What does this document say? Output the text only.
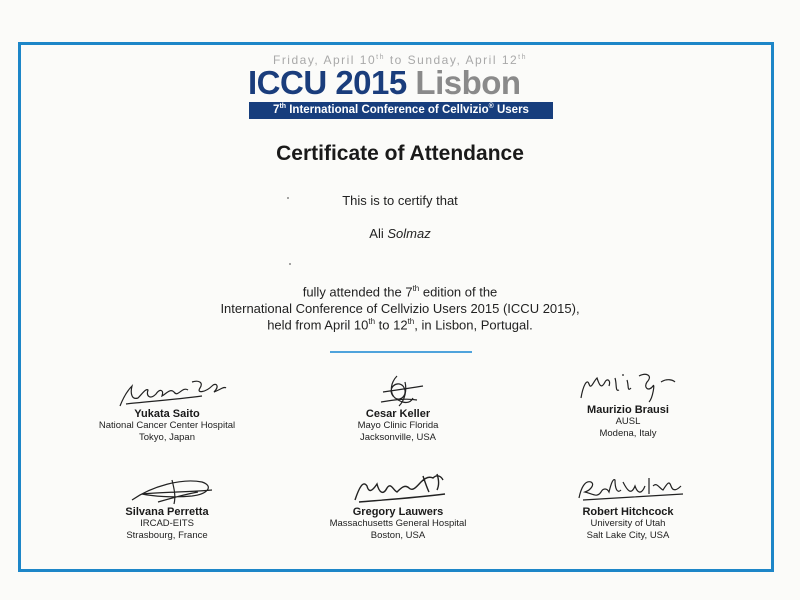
Friday, April 10th to Sunday, April 12th
ICCU 2015 Lisbon
7th International Conference of Cellvizio® Users
Certificate of Attendance
This is to certify that
Ali Solmaz
fully attended the 7th edition of the
International Conference of Cellvizio Users 2015 (ICCU 2015),
held from April 10th to 12th, in Lisbon, Portugal.
Yukata Saito
National Cancer Center Hospital
Tokyo, Japan
Cesar Keller
Mayo Clinic Florida
Jacksonville, USA
Maurizio Brausi
AUSL
Modena, Italy
Silvana Perretta
IRCAD-EITS
Strasbourg, France
Gregory Lauwers
Massachusetts General Hospital
Boston, USA
Robert Hitchcock
University of Utah
Salt Lake City, USA
